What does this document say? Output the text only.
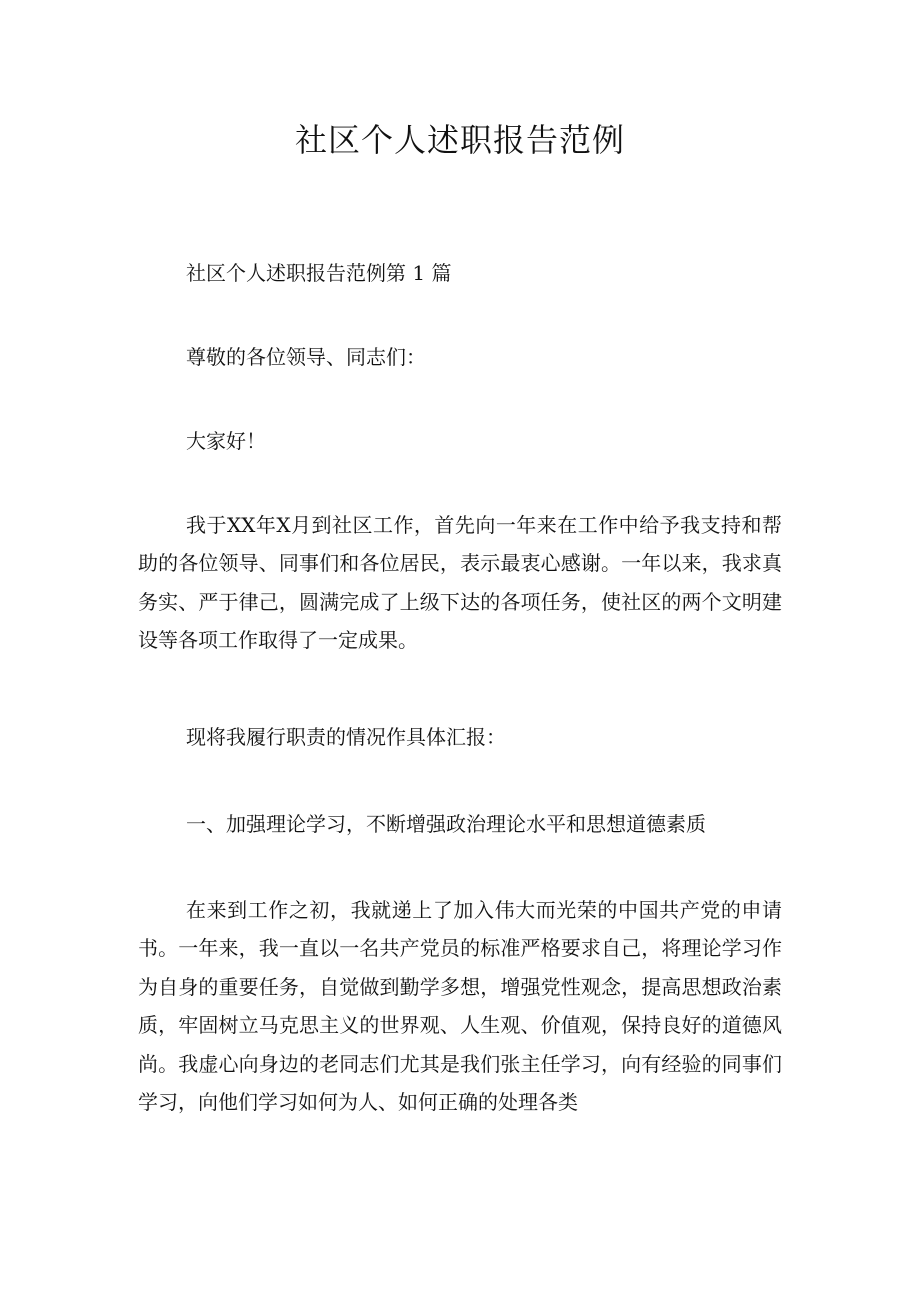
社区个人述职报告范例

社区个人述职报告范例第 1 篇

尊敬的各位领导、同志们：

大家好！

我于XX年X月到社区工作，首先向一年来在工作中给予我支持和帮助的各位领导、同事们和各位居民，表示最衷心感谢。一年以来，我求真务实、严于律己，圆满完成了上级下达的各项任务，使社区的两个文明建设等各项工作取得了一定成果。

现将我履行职责的情况作具体汇报：

一、加强理论学习，不断增强政治理论水平和思想道德素质

在来到工作之初，我就递上了加入伟大而光荣的中国共产党的申请书。一年来，我一直以一名共产党员的标准严格要求自己，将理论学习作为自身的重要任务，自觉做到勤学多想，增强党性观念，提高思想政治素质，牢固树立马克思主义的世界观、人生观、价值观，保持良好的道德风尚。我虚心向身边的老同志们尤其是我们张主任学习，向有经验的同事们学习，向他们学习如何为人、如何正确的处理各类
